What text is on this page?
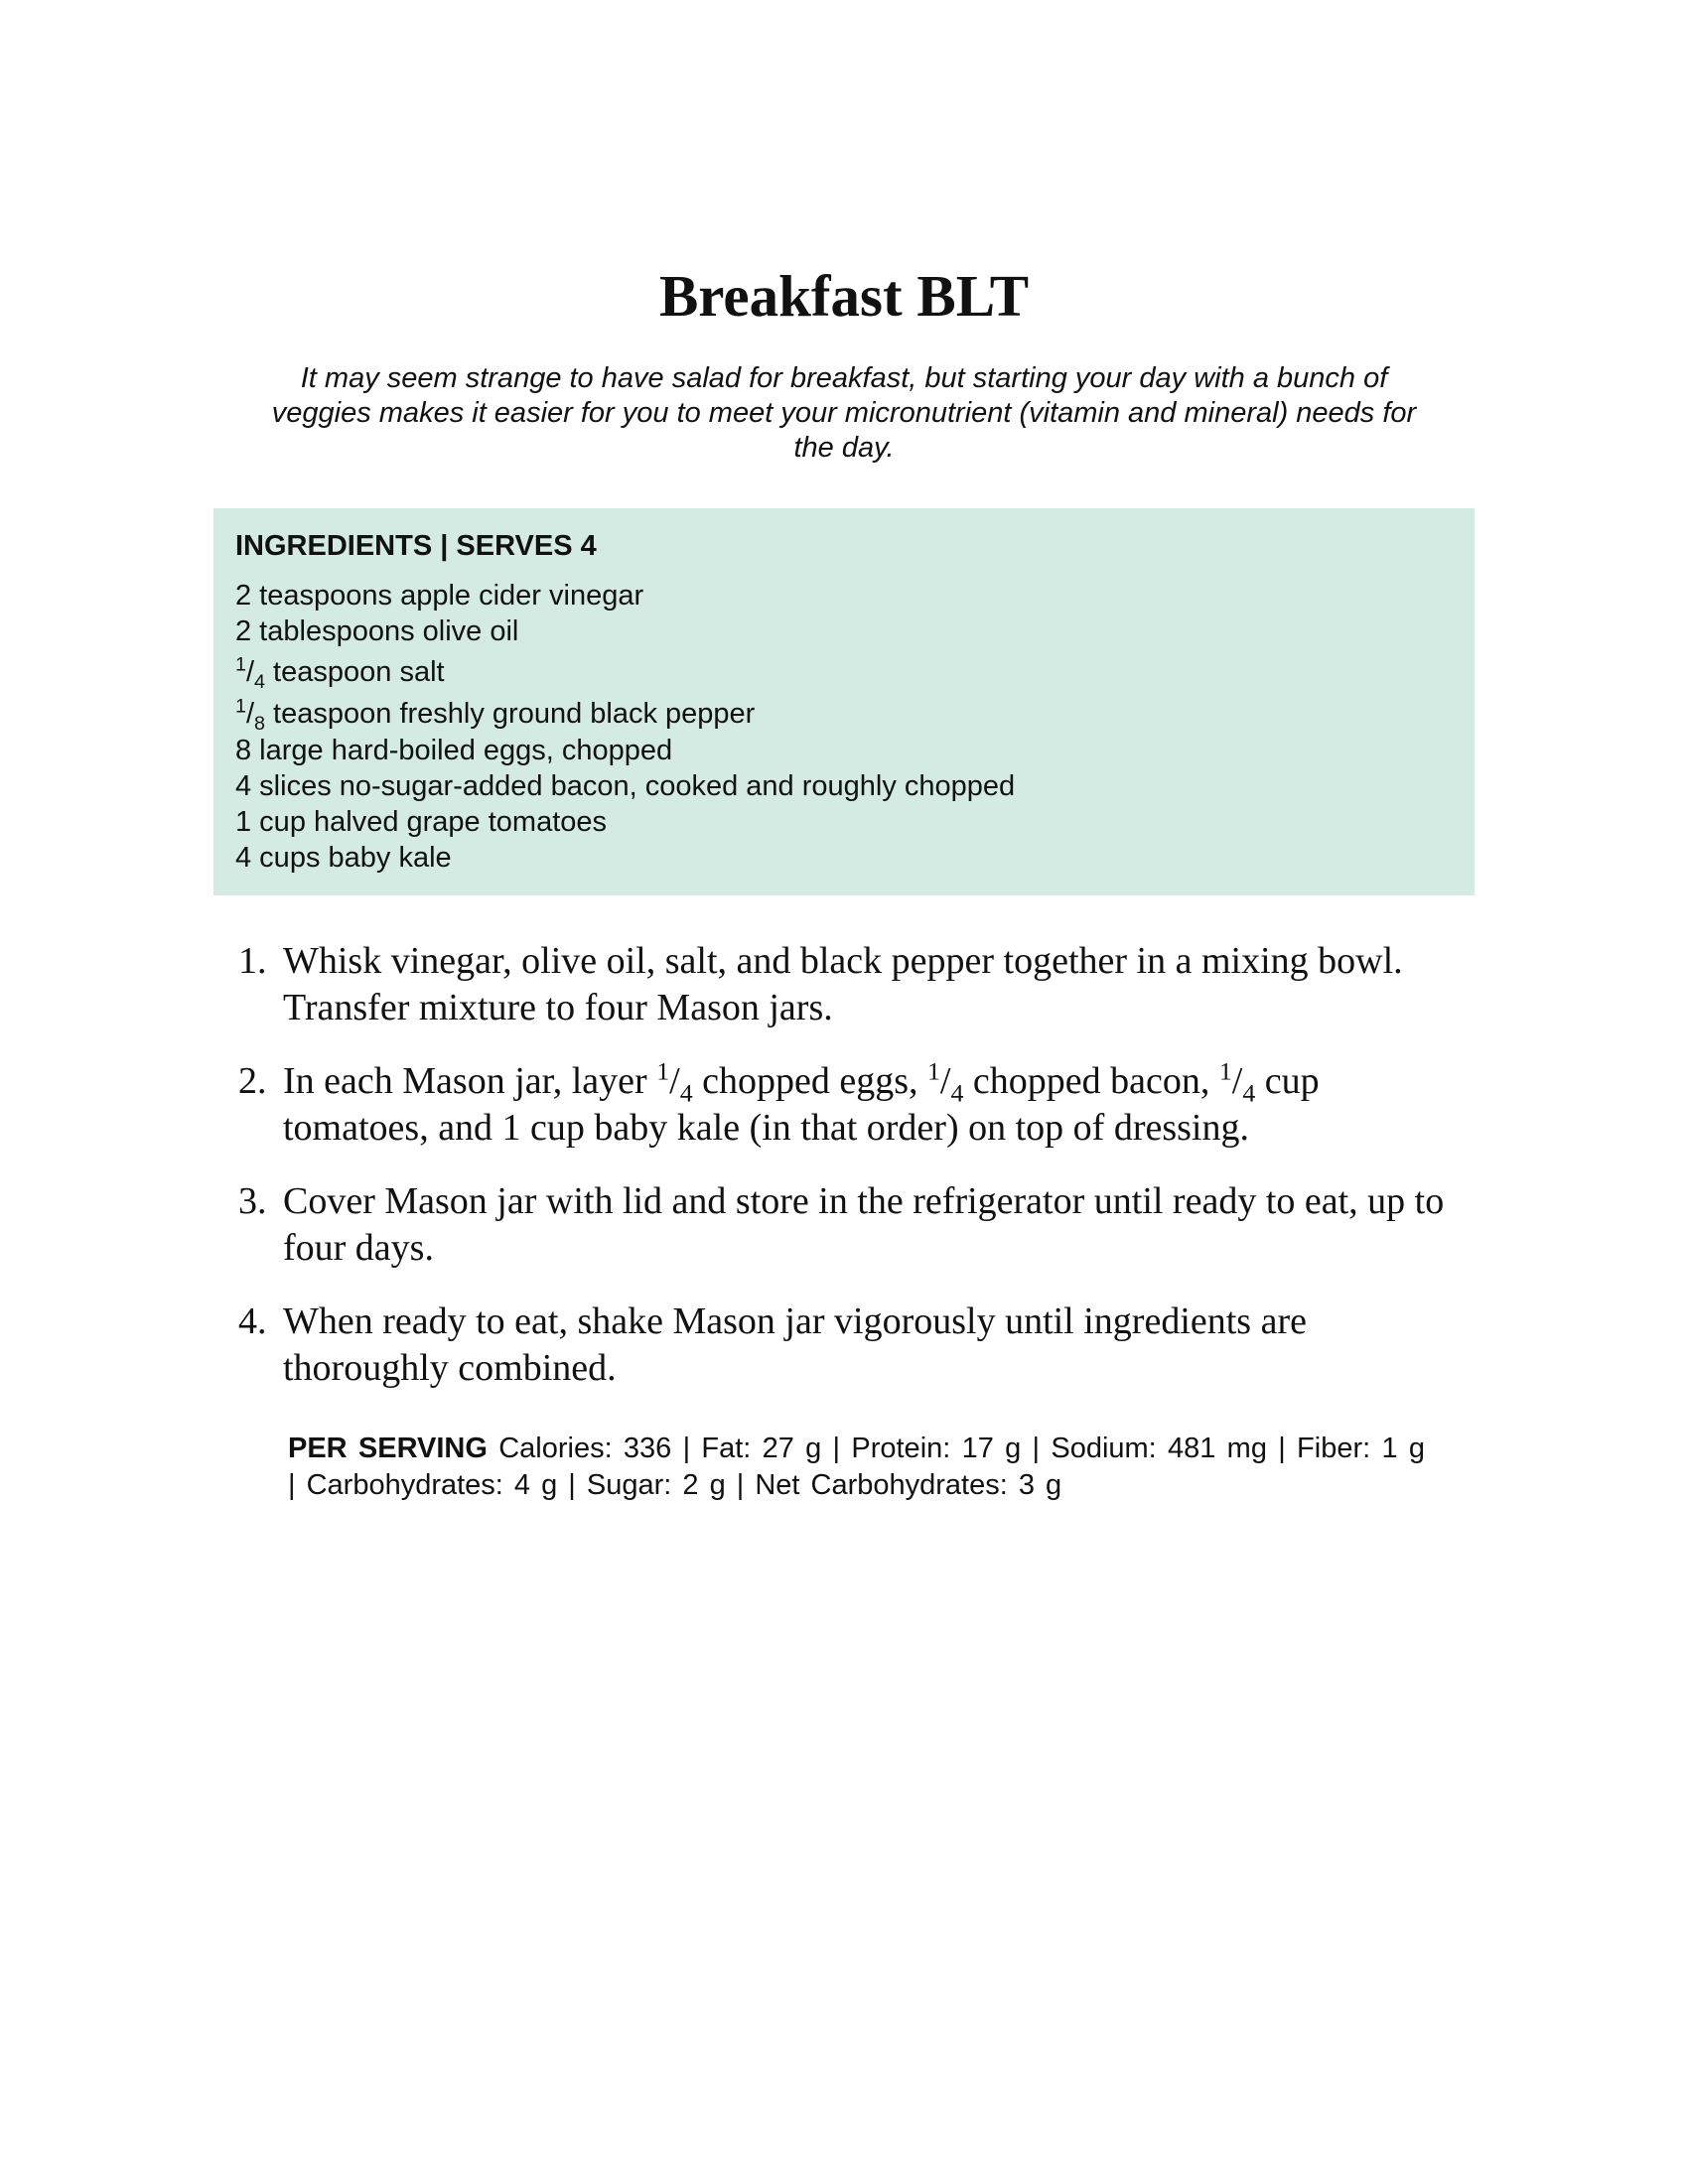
Breakfast BLT

It may seem strange to have salad for breakfast, but starting your day with a bunch of veggies makes it easier for you to meet your micronutrient (vitamin and mineral) needs for the day.

INGREDIENTS | SERVES 4
2 teaspoons apple cider vinegar
2 tablespoons olive oil
$^1/_4$ teaspoon salt
$^1/_8$ teaspoon freshly ground black pepper
8 large hard-boiled eggs, chopped
4 slices no-sugar-added bacon, cooked and roughly chopped
1 cup halved grape tomatoes
4 cups baby kale
1. Whisk vinegar, olive oil, salt, and black pepper together in a mixing bowl. Transfer mixture to four Mason jars.
2. In each Mason jar, layer $^1/_4$ chopped eggs, $^1/_4$ chopped bacon, $^1/_4$ cup tomatoes, and 1 cup baby kale (in that order) on top of dressing.
3. Cover Mason jar with lid and store in the refrigerator until ready to eat, up to four days.
4. When ready to eat, shake Mason jar vigorously until ingredients are thoroughly combined.
PER SERVING Calories: 336 | Fat: 27 g | Protein: 17 g | Sodium: 481 mg | Fiber: 1 g | Carbohydrates: 4 g | Sugar: 2 g | Net Carbohydrates: 3 g
